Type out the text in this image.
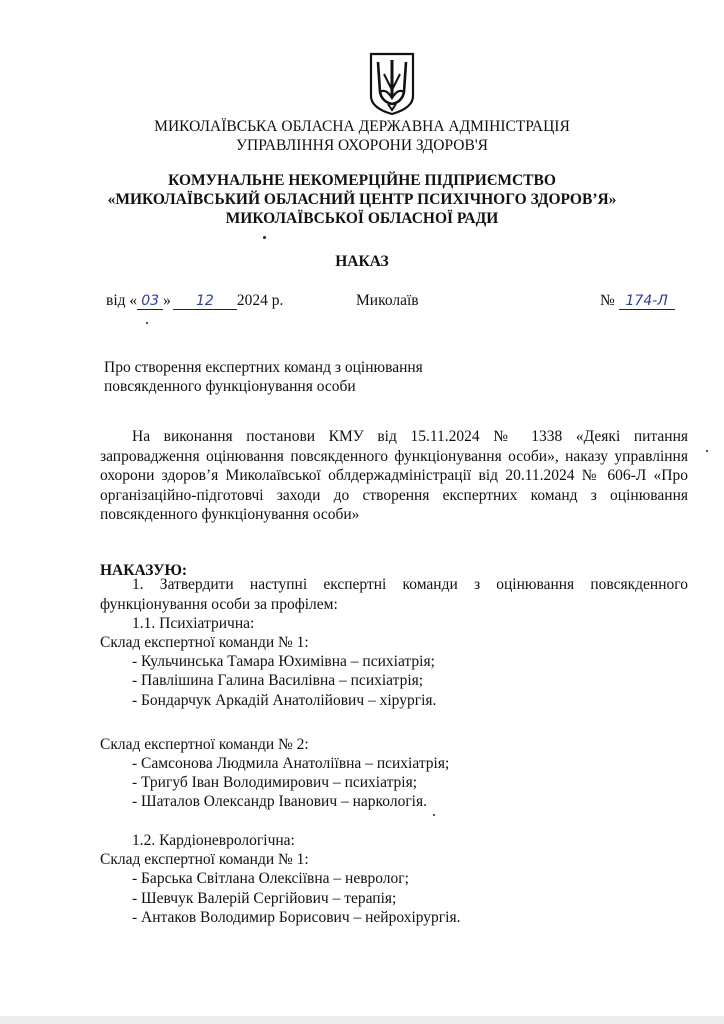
МИКОЛАЇВСЬКА ОБЛАСНА ДЕРЖАВНА АДМІНІСТРАЦІЯ
УПРАВЛІННЯ ОХОРОНИ ЗДОРОВ'Я
КОМУНАЛЬНЕ НЕКОМЕРЦІЙНЕ ПІДПРИЄМСТВО
«МИКОЛАЇВСЬКИЙ ОБЛАСНИЙ ЦЕНТР ПСИХІЧНОГО ЗДОРОВ’Я»
МИКОЛАЇВСЬКОЇ ОБЛАСНОЇ РАДИ
НАКАЗ
від « 03 » 12 2024 р.	Миколаїв	№ 174-Л
Про створення експертних команд з оцінювання
повсякденного функціонування особи
На виконання постанови КМУ від 15.11.2024 № 1338 «Деякі питання запровадження оцінювання повсякденного функціонування особи», наказу управління охорони здоров’я Миколаївської облдержадміністрації від 20.11.2024 № 606-Л «Про організаційно-підготовчі заходи до створення експертних команд з оцінювання повсякденного функціонування особи»
НАКАЗУЮ:
1. Затвердити наступні експертні команди з оцінювання повсякденного функціонування особи за профілем:
1.1. Психіатрична:
Склад експертної команди № 1:
- Кульчинська Тамара Юхимівна – психіатрія;
- Павлішина Галина Василівна – психіатрія;
- Бондарчук Аркадій Анатолійович – хірургія.
Склад експертної команди № 2:
- Самсонова Людмила Анатоліївна – психіатрія;
- Тригуб Іван Володимирович – психіатрія;
- Шаталов Олександр Іванович – наркологія.
1.2. Кардіоневрологічна:
Склад експертної команди № 1:
- Барська Світлана Олексіївна – невролог;
- Шевчук Валерій Сергійович – терапія;
- Антаков Володимир Борисович – нейрохірургія.
